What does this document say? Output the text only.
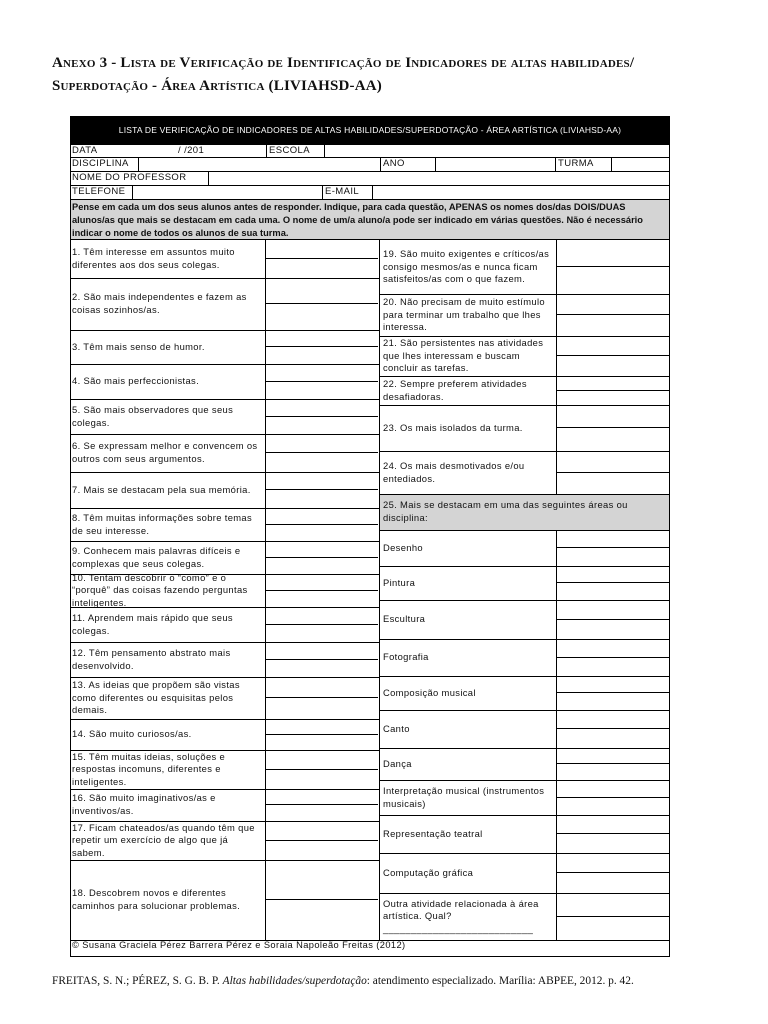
Anexo 3 - Lista de Verificação de Identificação de Indicadores de altas habilidades/
Superdotação - Área Artística (LIVIAHSD-AA)
LISTA DE VERIFICAÇÃO DE INDICADORES DE ALTAS HABILIDADES/SUPERDOTAÇÃO - ÁREA ARTÍSTICA (LIVIAHSD-AA)
DATA	/ /201	ESCOLA
DISCIPLINA	ANO	TURMA
NOME DO PROFESSOR
TELEFONE	E-MAIL
Pense em cada um dos seus alunos antes de responder. Indique, para cada questão, APENAS os nomes dos/das DOIS/DUAS alunos/as que mais se destacam em cada uma. O nome de um/a aluno/a pode ser indicado em várias questões. Não é necessário indicar o nome de todos os alunos de sua turma.
1. Têm interesse em assuntos muito diferentes aos dos seus colegas.
2. São mais independentes e fazem as coisas sozinhos/as.
3. Têm mais senso de humor.
4. São mais perfeccionistas.
5. São mais observadores que seus colegas.
6. Se expressam melhor e convencem os outros com seus argumentos.
7. Mais se destacam pela sua memória.
8. Têm muitas informações sobre temas de seu interesse.
9. Conhecem mais palavras difíceis e complexas que seus colegas.
10. Tentam descobrir o “como” e o “porquê” das coisas fazendo perguntas inteligentes.
11. Aprendem mais rápido que seus colegas.
12. Têm pensamento abstrato mais desenvolvido.
13. As ideias que propõem são vistas como diferentes ou esquisitas pelos demais.
14. São muito curiosos/as.
15. Têm muitas ideias, soluções e respostas incomuns, diferentes e inteligentes.
16. São muito imaginativos/as e inventivos/as.
17. Ficam chateados/as quando têm que repetir um exercício de algo que já sabem.
18. Descobrem novos e diferentes caminhos para solucionar problemas.
19. São muito exigentes e críticos/as consigo mesmos/as e nunca ficam satisfeitos/as com o que fazem.
20. Não precisam de muito estímulo para terminar um trabalho que lhes interessa.
21. São persistentes nas atividades que lhes interessam e buscam concluir as tarefas.
22. Sempre preferem atividades desafiadoras.
23. Os mais isolados da turma.
24. Os mais desmotivados e/ou entediados.
25. Mais se destacam em uma das seguintes áreas ou disciplina:
Desenho
Pintura
Escultura
Fotografia
Composição musical
Canto
Dança
Interpretação musical (instrumentos musicais)
Representação teatral
Computação gráfica
Outra atividade relacionada à área artística. Qual? ___________________________
© Susana Graciela Pérez Barrera Pérez e Soraia Napoleão Freitas (2012)
FREITAS, S. N.; PÉREZ, S. G. B. P. Altas habilidades/superdotação: atendimento especializado. Marília: ABPEE, 2012. p. 42.
